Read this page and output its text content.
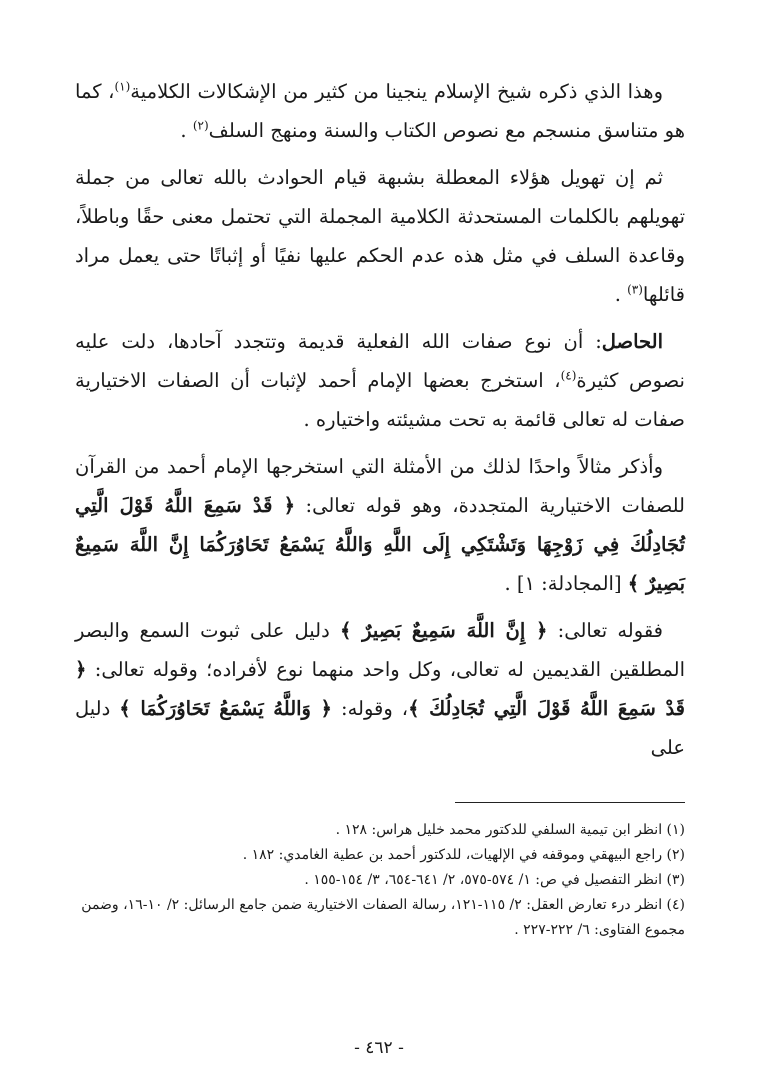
وهذا الذي ذكره شيخ الإسلام ينجينا من كثير من الإشكالات الكلامية$^{(١)}$، كما هو متناسق منسجم مع نصوص الكتاب والسنة ومنهج السلف$^{(٢)}$ .

ثم إن تهويل هؤلاء المعطلة بشبهة قيام الحوادث بالله تعالى من جملة تهويلهم بالكلمات المستحدثة الكلامية المجملة التي تحتمل معنى حقًا وباطلاً، وقاعدة السلف في مثل هذه عدم الحكم عليها نفيًا أو إثباتًا حتى يعمل مراد قائلها$^{(٣)}$ .

الحاصل: أن نوع صفات الله الفعلية قديمة وتتجدد آحادها، دلت عليه نصوص كثيرة$^{(٤)}$، استخرج بعضها الإمام أحمد لإثبات أن الصفات الاختيارية صفات له تعالى قائمة به تحت مشيئته واختياره .

وأذكر مثالاً واحدًا لذلك من الأمثلة التي استخرجها الإمام أحمد من القرآن للصفات الاختيارية المتجددة، وهو قوله تعالى: ﴿ قَدْ سَمِعَ اللَّهُ قَوْلَ الَّتِي تُجَادِلُكَ فِي زَوْجِهَا وَتَشْتَكِي إِلَى اللَّهِ وَاللَّهُ يَسْمَعُ تَحَاوُرَكُمَا إِنَّ اللَّهَ سَمِيعٌ بَصِيرٌ ﴾ [المجادلة: ١] .

فقوله تعالى: ﴿ إِنَّ اللَّهَ سَمِيعٌ بَصِيرٌ ﴾ دليل على ثبوت السمع والبصر المطلقين القديمين له تعالى، وكل واحد منهما نوع لأفراده؛ وقوله تعالى: ﴿ قَدْ سَمِعَ اللَّهُ قَوْلَ الَّتِي تُجَادِلُكَ ﴾، وقوله: ﴿ وَاللَّهُ يَسْمَعُ تَحَاوُرَكُمَا ﴾ دليل على

(١) انظر ابن تيمية السلفي للدكتور محمد خليل هراس: ١٢٨ .

(٢) راجع البيهقي وموقفه في الإلهيات، للدكتور أحمد بن عطية الغامدي: ١٨٢ .

(٣) انظر التفصيل في ص: ١/ ٥٧٤-٥٧٥، ٢/ ٦٤١-٦٥٤، ٣/ ١٥٤-١٥٥ .

(٤) انظر درء تعارض العقل: ٢/ ١١٥-١٢١، رسالة الصفات الاختيارية ضمن جامع الرسائل: ٢/ ١٠-١٦، وضمن مجموع الفتاوى: ٦/ ٢٢٢-٢٢٧ .

- ٤٦٢ -
